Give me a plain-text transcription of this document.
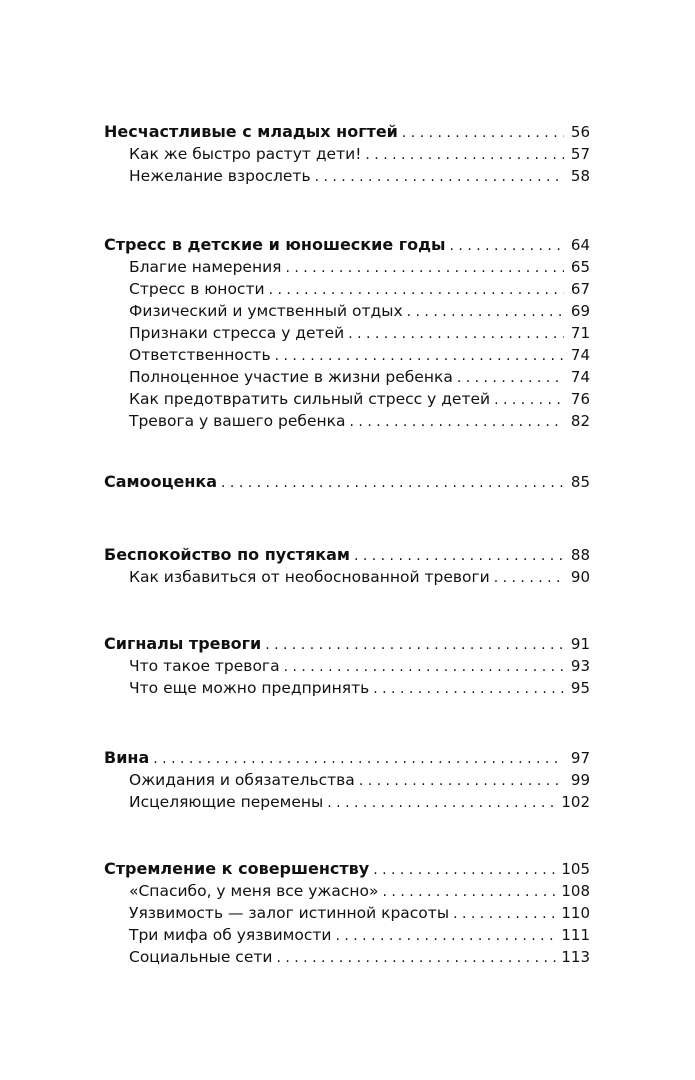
Несчастливые с младых ногтей . . .	56
Как же быстро растут дети! . . .	57
Нежелание взрослеть . . .	58
Стресс в детские и юношеские годы . . .	64
Благие намерения . . .	65
Стресс в юности . . .	67
Физический и умственный отдых . . .	69
Признаки стресса у детей . . .	71
Ответственность . . .	74
Полноценное участие в жизни ребенка . . .	74
Как предотвратить сильный стресс у детей . . .	76
Тревога у вашего ребенка . . .	82
Самооценка . . .	85
Беспокойство по пустякам . . .	88
Как избавиться от необоснованной тревоги . . .	90
Сигналы тревоги . . .	91
Что такое тревога . . .	93
Что еще можно предпринять . . .	95
Вина . . .	97
Ожидания и обязательства . . .	99
Исцеляющие перемены . . .	102
Стремление к совершенству . . .	105
«Спасибо, у меня все ужасно» . . .	108
Уязвимость — залог истинной красоты . . .	110
Три мифа об уязвимости . . .	111
Социальные сети . . .	113
